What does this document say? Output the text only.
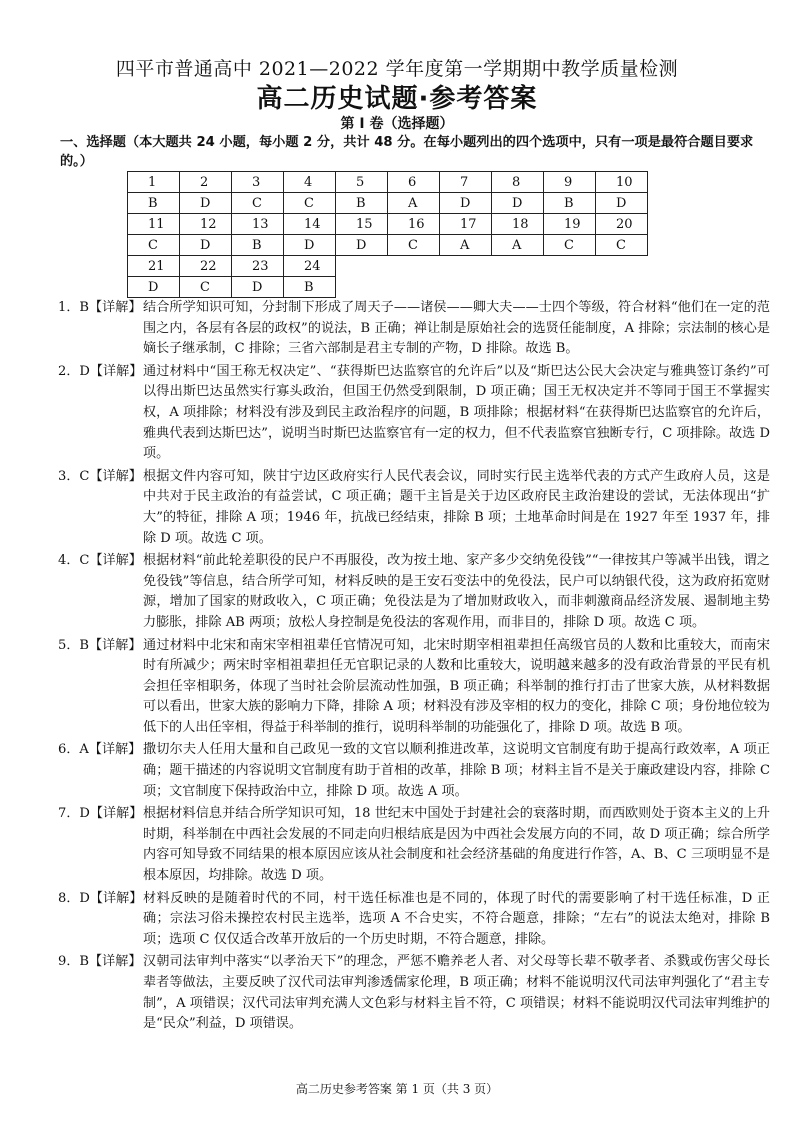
四平市普通高中 2021—2022 学年度第一学期期中教学质量检测
高二历史试题·参考答案
第 I 卷（选择题）
一、选择题（本大题共 24 小题，每小题 2 分，共计 48 分。在每小题列出的四个选项中，只有一项是最符合题目要求的。）
1	2	3	4	5	6	7	8	9	10
B	D	C	C	B	A	D	D	B	D
11	12	13	14	15	16	17	18	19	20
C	D	B	D	D	C	A	A	C	C
21	22	23	24						
D	C	D	B						
1．B【详解】 结合所学知识可知，分封制下形成了周天子——诸侯——卿大夫——士四个等级，符合材料“他们在一定的范围之内，各层有各层的政权”的说法，B 正确；禅让制是原始社会的选贤任能制度，A 排除；宗法制的核心是嫡长子继承制，C 排除；三省六部制是君主专制的产物，D 排除。故选 B。
2．D【详解】 通过材料中“国王称无权决定”、“获得斯巴达监察官的允许后”以及“斯巴达公民大会决定与雅典签订条约”可以得出斯巴达虽然实行寡头政治，但国王仍然受到限制，D 项正确；国王无权决定并不等同于国王不掌握实权，A 项排除；材料没有涉及到民主政治程序的问题，B 项排除；根据材料“在获得斯巴达监察官的允许后，雅典代表到达斯巴达”，说明当时斯巴达监察官有一定的权力，但不代表监察官独断专行，C 项排除。故选 D 项。
3．C【详解】 根据文件内容可知，陕甘宁边区政府实行人民代表会议，同时实行民主选举代表的方式产生政府人员，这是中共对于民主政治的有益尝试，C 项正确；题干主旨是关于边区政府民主政治建设的尝试，无法体现出“扩大”的特征，排除 A 项；1946 年，抗战已经结束，排除 B 项；土地革命时间是在 1927 年至 1937 年，排除 D 项。故选 C 项。
4．C【详解】 根据材料“前此轮差职役的民户不再服役，改为按土地、家产多少交纳免役钱”“一律按其户等减半出钱，谓之免役钱”等信息，结合所学可知，材料反映的是王安石变法中的免役法，民户可以纳银代役，这为政府拓宽财源，增加了国家的财政收入，C 项正确；免役法是为了增加财政收入，而非刺激商品经济发展、遏制地主势力膨胀，排除 AB 两项；放松人身控制是免役法的客观作用，而非目的，排除 D 项。故选 C 项。
5．B【详解】 通过材料中北宋和南宋宰相祖辈任官情况可知，北宋时期宰相祖辈担任高级官员的人数和比重较大，而南宋时有所减少；两宋时宰相祖辈担任无官职记录的人数和比重较大，说明越来越多的没有政治背景的平民有机会担任宰相职务，体现了当时社会阶层流动性加强，B 项正确；科举制的推行打击了世家大族，从材料数据可以看出，世家大族的影响力下降，排除 A 项；材料没有涉及宰相的权力的变化，排除 C 项；身份地位较为低下的人出任宰相，得益于科举制的推行，说明科举制的功能强化了，排除 D 项。故选 B 项。
6．A【详解】 撒切尔夫人任用大量和自己政见一致的文官以顺利推进改革，这说明文官制度有助于提高行政效率，A 项正确；题干描述的内容说明文官制度有助于首相的改革，排除 B 项；材料主旨不是关于廉政建设内容，排除 C 项；文官制度下保持政治中立，排除 D 项。故选 A 项。
7．D【详解】 根据材料信息并结合所学知识可知，18 世纪末中国处于封建社会的衰落时期，而西欧则处于资本主义的上升时期，科举制在中西社会发展的不同走向归根结底是因为中西社会发展方向的不同，故 D 项正确；综合所学内容可知导致不同结果的根本原因应该从社会制度和社会经济基础的角度进行作答，A、B、C 三项明显不是根本原因，均排除。故选 D 项。
8．D【详解】 材料反映的是随着时代的不同，村干选任标准也是不同的，体现了时代的需要影响了村干选任标准，D 正确；宗法习俗未操控农村民主选举，选项 A 不合史实，不符合题意，排除；“左右”的说法太绝对，排除 B 项；选项 C 仅仅适合改革开放后的一个历史时期，不符合题意，排除。
9．B【详解】 汉朝司法审判中落实“以孝治天下”的理念，严惩不赡养老人者、对父母等长辈不敬孝者、杀戮或伤害父母长辈者等做法，主要反映了汉代司法审判渗透儒家伦理，B 项正确；材料不能说明汉代司法审判强化了“君主专制”，A 项错误；汉代司法审判充满人文色彩与材料主旨不符，C 项错误；材料不能说明汉代司法审判维护的是“民众”利益，D 项错误。
高二历史参考答案 第 1 页（共 3 页）
